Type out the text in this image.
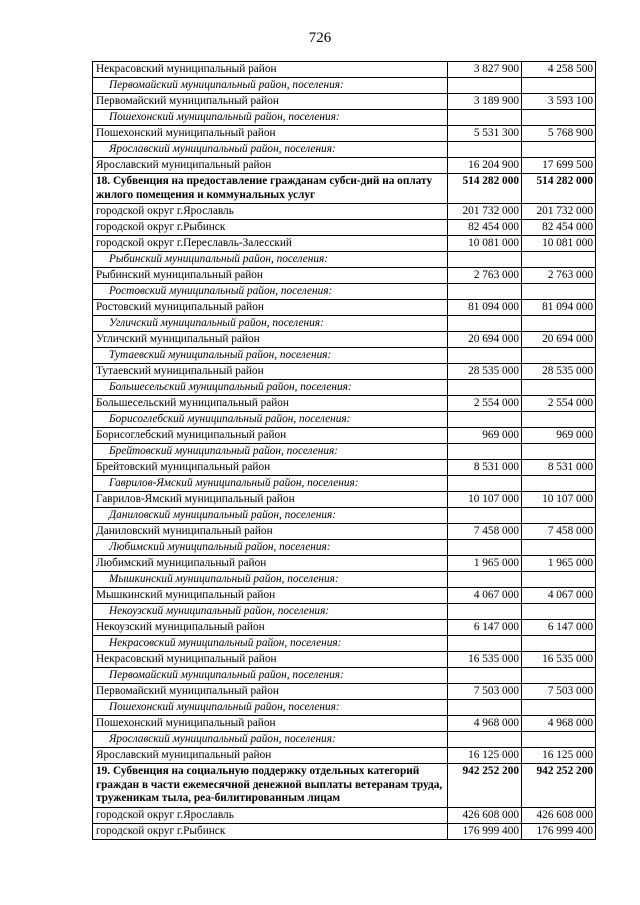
726
Некрасовский муниципальный район	3 827 900	4 258 500
Первомайский муниципальный район, поселения:		
Первомайский муниципальный район	3 189 900	3 593 100
Пошехонский муниципальный район, поселения:		
Пошехонский муниципальный район	5 531 300	5 768 900
Ярославский муниципальный район, поселения:		
Ярославский муниципальный район	16 204 900	17 699 500
18. Субвенция на предоставление гражданам субси-дий на оплату жилого помещения и коммунальных услуг	514 282 000	514 282 000
городской округ г.Ярославль	201 732 000	201 732 000
городской округ г.Рыбинск	82 454 000	82 454 000
городской округ г.Переславль-Залесский	10 081 000	10 081 000
Рыбинский муниципальный район, поселения:		
Рыбинский муниципальный район	2 763 000	2 763 000
Ростовский муниципальный район, поселения:		
Ростовский муниципальный район	81 094 000	81 094 000
Угличский муниципальный район, поселения:		
Угличский муниципальный район	20 694 000	20 694 000
Тутаевский муниципальный район, поселения:		
Тутаевский муниципальный район	28 535 000	28 535 000
Большесельский муниципальный район, поселения:		
Большесельский муниципальный район	2 554 000	2 554 000
Борисоглебский муниципальный район, поселения:		
Борисоглебский муниципальный район	969 000	969 000
Брейтовский муниципальный район, поселения:		
Брейтовский муниципальный район	8 531 000	8 531 000
Гаврилов-Ямский муниципальный район, поселения:		
Гаврилов-Ямский муниципальный район	10 107 000	10 107 000
Даниловский муниципальный район, поселения:		
Даниловский муниципальный район	7 458 000	7 458 000
Любимский муниципальный район, поселения:		
Любимский муниципальный район	1 965 000	1 965 000
Мышкинский муниципальный район, поселения:		
Мышкинский муниципальный район	4 067 000	4 067 000
Некоузский муниципальный район, поселения:		
Некоузский муниципальный район	6 147 000	6 147 000
Некрасовский муниципальный район, поселения:		
Некрасовский муниципальный район	16 535 000	16 535 000
Первомайский муниципальный район, поселения:		
Первомайский муниципальный район	7 503 000	7 503 000
Пошехонский муниципальный район, поселения:		
Пошехонский муниципальный район	4 968 000	4 968 000
Ярославский муниципальный район, поселения:		
Ярославский муниципальный район	16 125 000	16 125 000
19. Субвенция на социальную поддержку отдельных категорий граждан в части ежемесячной денежной выплаты ветеранам труда, труженикам тыла, реа-билитированным лицам	942 252 200	942 252 200
городской округ г.Ярославль	426 608 000	426 608 000
городской округ г.Рыбинск	176 999 400	176 999 400
